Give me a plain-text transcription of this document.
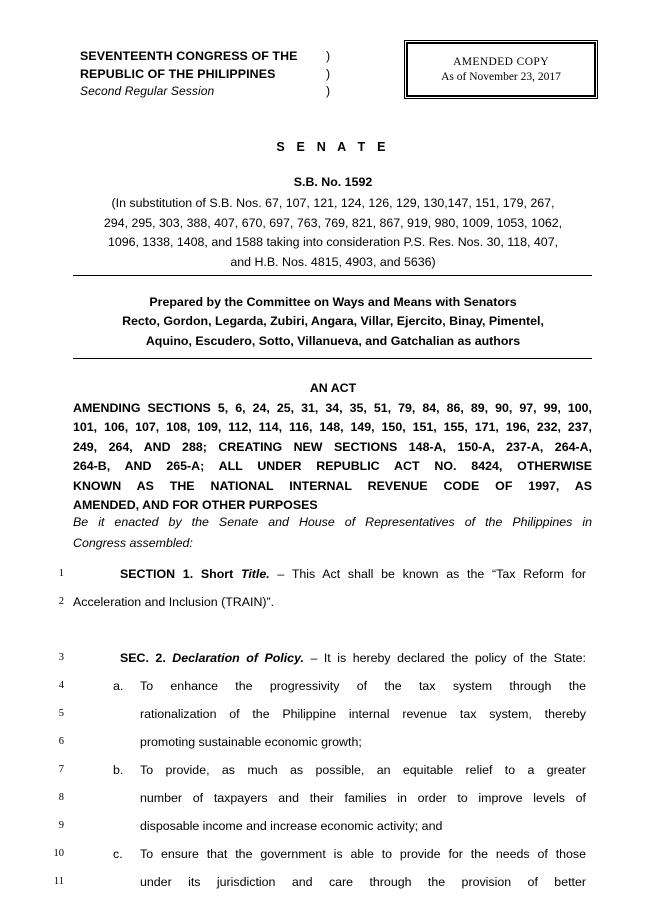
SEVENTEENTH CONGRESS OF THE
REPUBLIC OF THE PHILIPPINES
Second Regular Session
)
)
)
AMENDED COPY
As of November 23, 2017
S E N A T E
S.B. No. 1592
(In substitution of S.B. Nos. 67, 107, 121, 124, 126, 129, 130,147, 151, 179, 267,
294, 295, 303, 388, 407, 670, 697, 763, 769, 821, 867, 919, 980, 1009, 1053, 1062,
1096, 1338, 1408, and 1588 taking into consideration P.S. Res. Nos. 30, 118, 407,
and H.B. Nos. 4815, 4903, and 5636)
Prepared by the Committee on Ways and Means with Senators
Recto, Gordon, Legarda, Zubiri, Angara, Villar, Ejercito, Binay, Pimentel,
Aquino, Escudero, Sotto, Villanueva, and Gatchalian as authors
AN ACT
AMENDING SECTIONS 5, 6, 24, 25, 31, 34, 35, 51, 79, 84, 86, 89, 90, 97, 99, 100,
101, 106, 107, 108, 109, 112, 114, 116, 148, 149, 150, 151, 155, 171, 196, 232, 237,
249, 264, AND 288; CREATING NEW SECTIONS 148-A, 150-A, 237-A, 264-A,
264-B, AND 265-A; ALL UNDER REPUBLIC ACT NO. 8424, OTHERWISE
KNOWN AS THE NATIONAL INTERNAL REVENUE CODE OF 1997, AS
AMENDED, AND FOR OTHER PURPOSES
Be it enacted by the Senate and House of Representatives of the Philippines in
Congress assembled:
1	SECTION 1. Short Title. – This Act shall be known as the “Tax Reform for
2 Acceleration and Inclusion (TRAIN)”.
3	SEC. 2. Declaration of Policy. – It is hereby declared the policy of the State:
4	a.	To enhance the progressivity of the tax system through the
5	rationalization of the Philippine internal revenue tax system, thereby
6	promoting sustainable economic growth;
7	b.	To provide, as much as possible, an equitable relief to a greater
8	number of taxpayers and their families in order to improve levels of
9	disposable income and increase economic activity; and
10	c.	To ensure that the government is able to provide for the needs of those
11	under its jurisdiction and care through the provision of better
